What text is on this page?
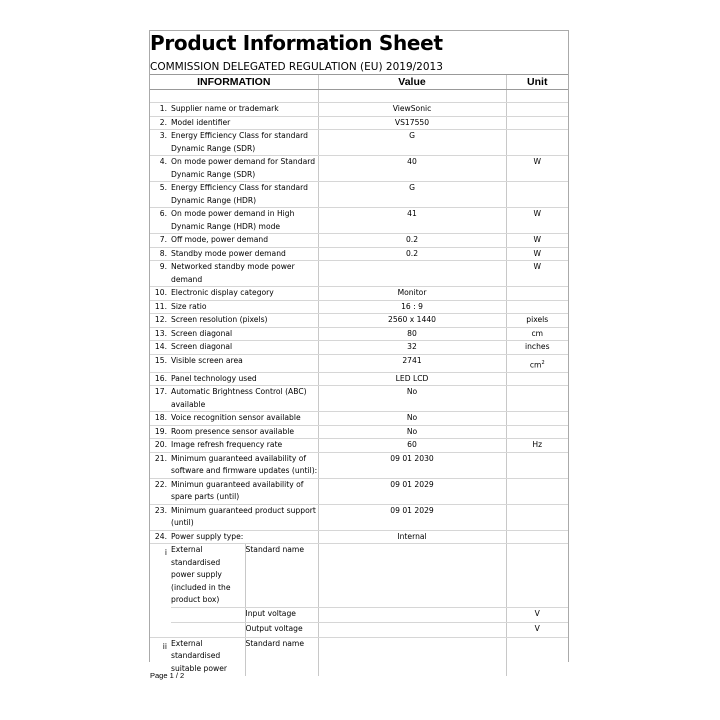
Product Information Sheet
COMMISSION DELEGATED REGULATION (EU) 2019/2013
INFORMATION			Value	Unit

1.	Supplier name or trademark		ViewSonic	
2.	Model identifier		VS17550	
3.	Energy Efficiency Class for standard Dynamic Range (SDR)		G	
4.	On mode power demand for Standard Dynamic Range (SDR)		40	W
5.	Energy Efficiency Class for standard Dynamic Range (HDR)		G	
6.	On mode power demand in High Dynamic Range (HDR) mode		41	W
7.	Off mode, power demand		0.2	W
8.	Standby mode power demand		0.2	W
9.	Networked standby mode power demand			W
10.	Electronic display category		Monitor	
11.	Size ratio		16 : 9	
12.	Screen resolution (pixels)		2560 x 1440	pixels
13.	Screen diagonal		80	cm
14.	Screen diagonal		32	inches
15.	Visible screen area		2741	$cm^2$
16.	Panel technology used		LED LCD	
17.	Automatic Brightness Control (ABC) available		No	
18.	Voice recognition sensor available		No	
19.	Room presence sensor available		No	
20.	Image refresh frequency rate		60	Hz
21.	Minimum guaranteed availability of software and firmware updates (until):		09 01 2030	
22.	Minimun guaranteed availability of spare parts (until)		09 01 2029	
23.	Minimum guaranteed product support (until)		09 01 2029	
24.	Power supply type:		Internal	
i	External standardised power supply (included in the product box)	Standard name		
		Input voltage		V
		Output voltage		V
ii	External standardised suitable power	Standard name		
Page 1 / 2
